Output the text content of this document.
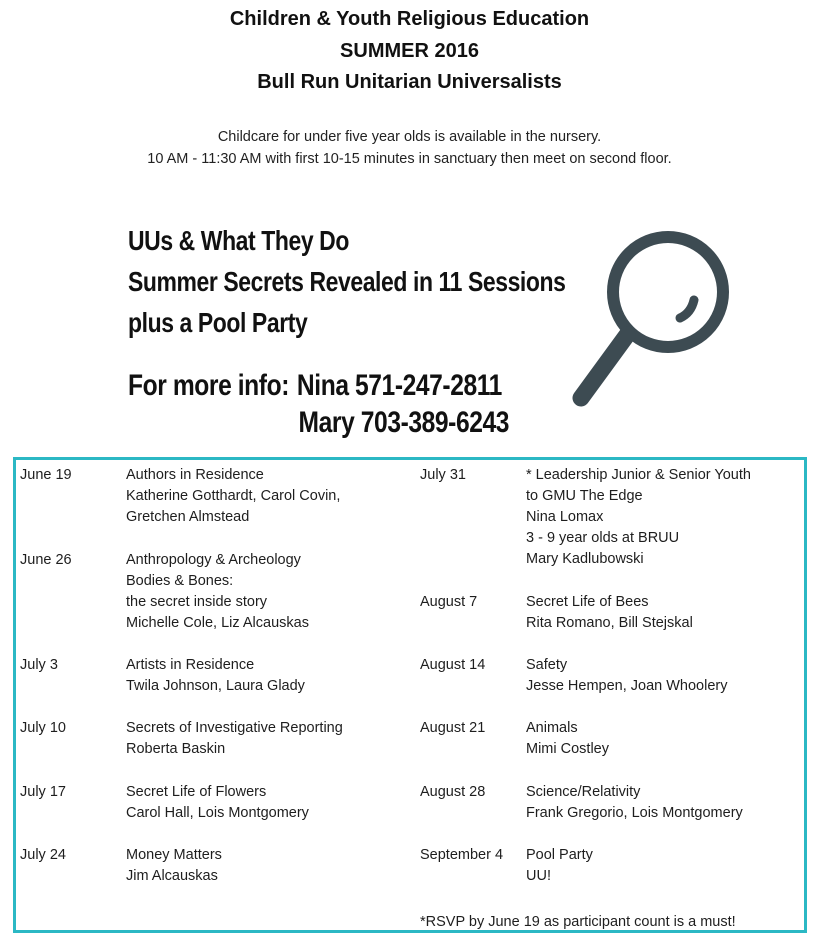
Children & Youth Religious Education
SUMMER 2016
Bull Run Unitarian Universalists
Childcare for under five year olds is available in the nursery.
10 AM - 11:30 AM with first 10-15 minutes in sanctuary then meet on second floor.
UUs & What They Do
Summer Secrets Revealed in 11 Sessions
plus a Pool Party
For more info: Nina 571-247-2811
Mary 703-389-6243
June 19	Authors in Residence
Katherine Gotthardt, Carol Covin,
Gretchen Almstead
June 26	Anthropology & Archeology
Bodies & Bones:
the secret inside story
Michelle Cole, Liz Alcauskas
July 3	Artists in Residence
Twila Johnson, Laura Glady
July 10	Secrets of Investigative Reporting
Roberta Baskin
July 17	Secret Life of Flowers
Carol Hall, Lois Montgomery
July 24	Money Matters
Jim Alcauskas
July 31	* Leadership Junior & Senior Youth
to GMU The Edge
Nina Lomax
3 - 9 year olds at BRUU
Mary Kadlubowski
August 7	Secret Life of Bees
Rita Romano, Bill Stejskal
August 14	Safety
Jesse Hempen, Joan Whoolery
August 21	Animals
Mimi Costley
August 28	Science/Relativity
Frank Gregorio, Lois Montgomery
September 4 Pool Party
UU!
*RSVP by June 19 as participant count is a must!
